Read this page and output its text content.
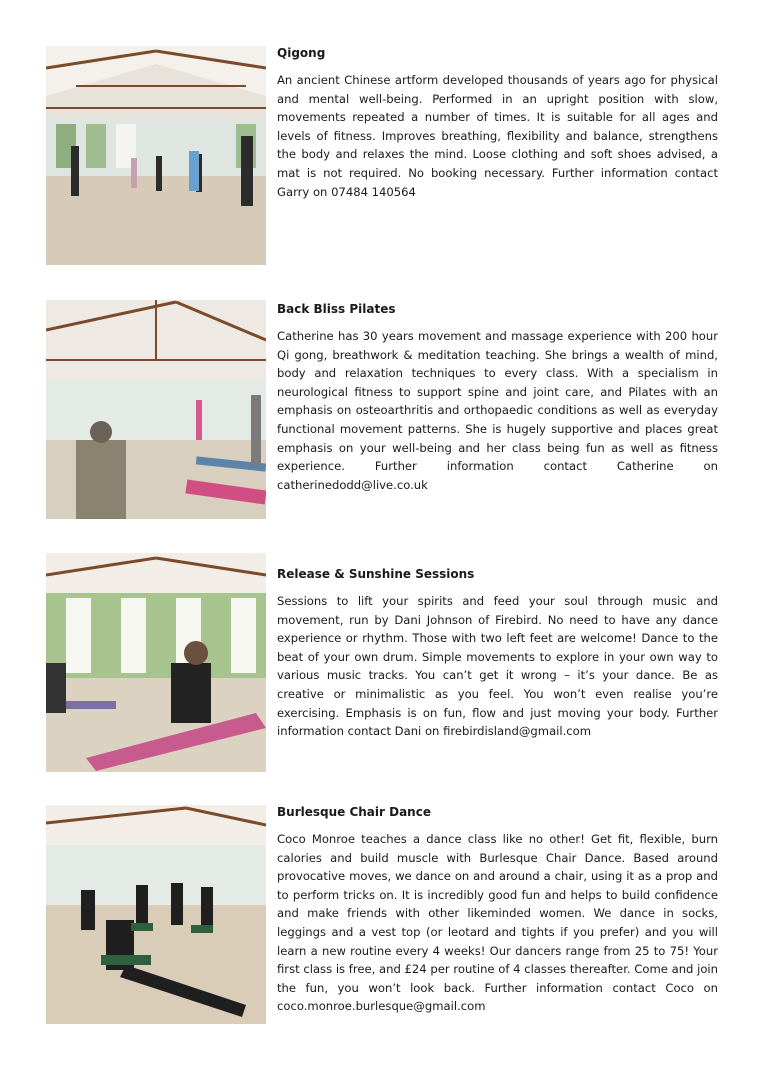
Qigong

An ancient Chinese artform developed thousands of years ago for physical and mental well-being. Performed in an upright position with slow, movements repeated a number of times. It is suitable for all ages and levels of fitness. Improves breathing, flexibility and balance, strengthens the body and relaxes the mind. Loose clothing and soft shoes advised, a mat is not required. No booking necessary. Further information contact Garry on 07484 140564

Back Bliss Pilates

Catherine has 30 years movement and massage experience with 200 hour Qi gong, breathwork & meditation teaching. She brings a wealth of mind, body and relaxation techniques to every class. With a specialism in neurological fitness to support spine and joint care, and Pilates with an emphasis on osteoarthritis and orthopaedic conditions as well as everyday functional movement patterns. She is hugely supportive and places great emphasis on your well-being and her class being fun as well as fitness experience. Further information contact Catherine on catherinedodd@live.co.uk

Release & Sunshine Sessions

Sessions to lift your spirits and feed your soul through music and movement, run by Dani Johnson of Firebird. No need to have any dance experience or rhythm. Those with two left feet are welcome! Dance to the beat of your own drum. Simple movements to explore in your own way to various music tracks. You can’t get it wrong – it’s your dance. Be as creative or minimalistic as you feel. You won’t even realise you’re exercising. Emphasis is on fun, flow and just moving your body. Further information contact Dani on firebirdisland@gmail.com

Burlesque Chair Dance

Coco Monroe teaches a dance class like no other! Get fit, flexible, burn calories and build muscle with Burlesque Chair Dance. Based around provocative moves, we dance on and around a chair, using it as a prop and to perform tricks on. It is incredibly good fun and helps to build confidence and make friends with other likeminded women. We dance in socks, leggings and a vest top (or leotard and tights if you prefer) and you will learn a new routine every 4 weeks! Our dancers range from 25 to 75! Your first class is free, and £24 per routine of 4 classes thereafter. Come and join the fun, you won’t look back. Further information contact Coco on coco.monroe.burlesque@gmail.com
